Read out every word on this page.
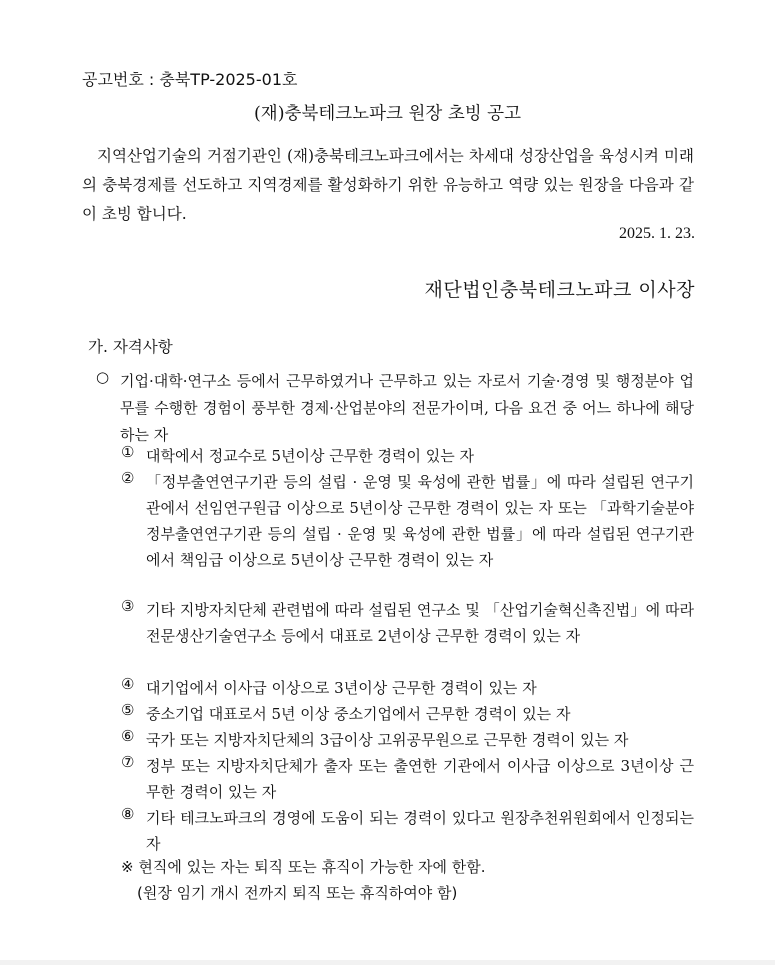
공고번호 : 충북TP-2025-01호
(재)충북테크노파크 원장 초빙 공고
지역산업기술의 거점기관인 (재)충북테크노파크에서는 차세대 성장산업을 육성시켜 미래의 충북경제를 선도하고 지역경제를 활성화하기 위한 유능하고 역량 있는 원장을 다음과 같이 초빙 합니다.
2025. 1. 23.
재단법인충북테크노파크 이사장
가. 자격사항
○ 기업·대학·연구소 등에서 근무하였거나 근무하고 있는 자로서 기술·경영 및 행정분야 업무를 수행한 경험이 풍부한 경제·산업분야의 전문가이며, 다음 요건 중 어느 하나에 해당하는 자
① 대학에서 정교수로 5년이상 근무한 경력이 있는 자
② 「정부출연연구기관 등의 설립 · 운영 및 육성에 관한 법률」에 따라 설립된 연구기관에서 선임연구원급 이상으로 5년이상 근무한 경력이 있는 자 또는 「과학기술분야 정부출연연구기관 등의 설립 · 운영 및 육성에 관한 법률」에 따라 설립된 연구기관에서 책임급 이상으로 5년이상 근무한 경력이 있는 자
③ 기타 지방자치단체 관련법에 따라 설립된 연구소 및 「산업기술혁신촉진법」에 따라 전문생산기술연구소 등에서 대표로 2년이상 근무한 경력이 있는 자
④ 대기업에서 이사급 이상으로 3년이상 근무한 경력이 있는 자
⑤ 중소기업 대표로서 5년 이상 중소기업에서 근무한 경력이 있는 자
⑥ 국가 또는 지방자치단체의 3급이상 고위공무원으로 근무한 경력이 있는 자
⑦ 정부 또는 지방자치단체가 출자 또는 출연한 기관에서 이사급 이상으로 3년이상 근무한 경력이 있는 자
⑧ 기타 테크노파크의 경영에 도움이 되는 경력이 있다고 원장추천위원회에서 인정되는 자
※ 현직에 있는 자는 퇴직 또는 휴직이 가능한 자에 한함.
(원장 임기 개시 전까지 퇴직 또는 휴직하여야 함)
